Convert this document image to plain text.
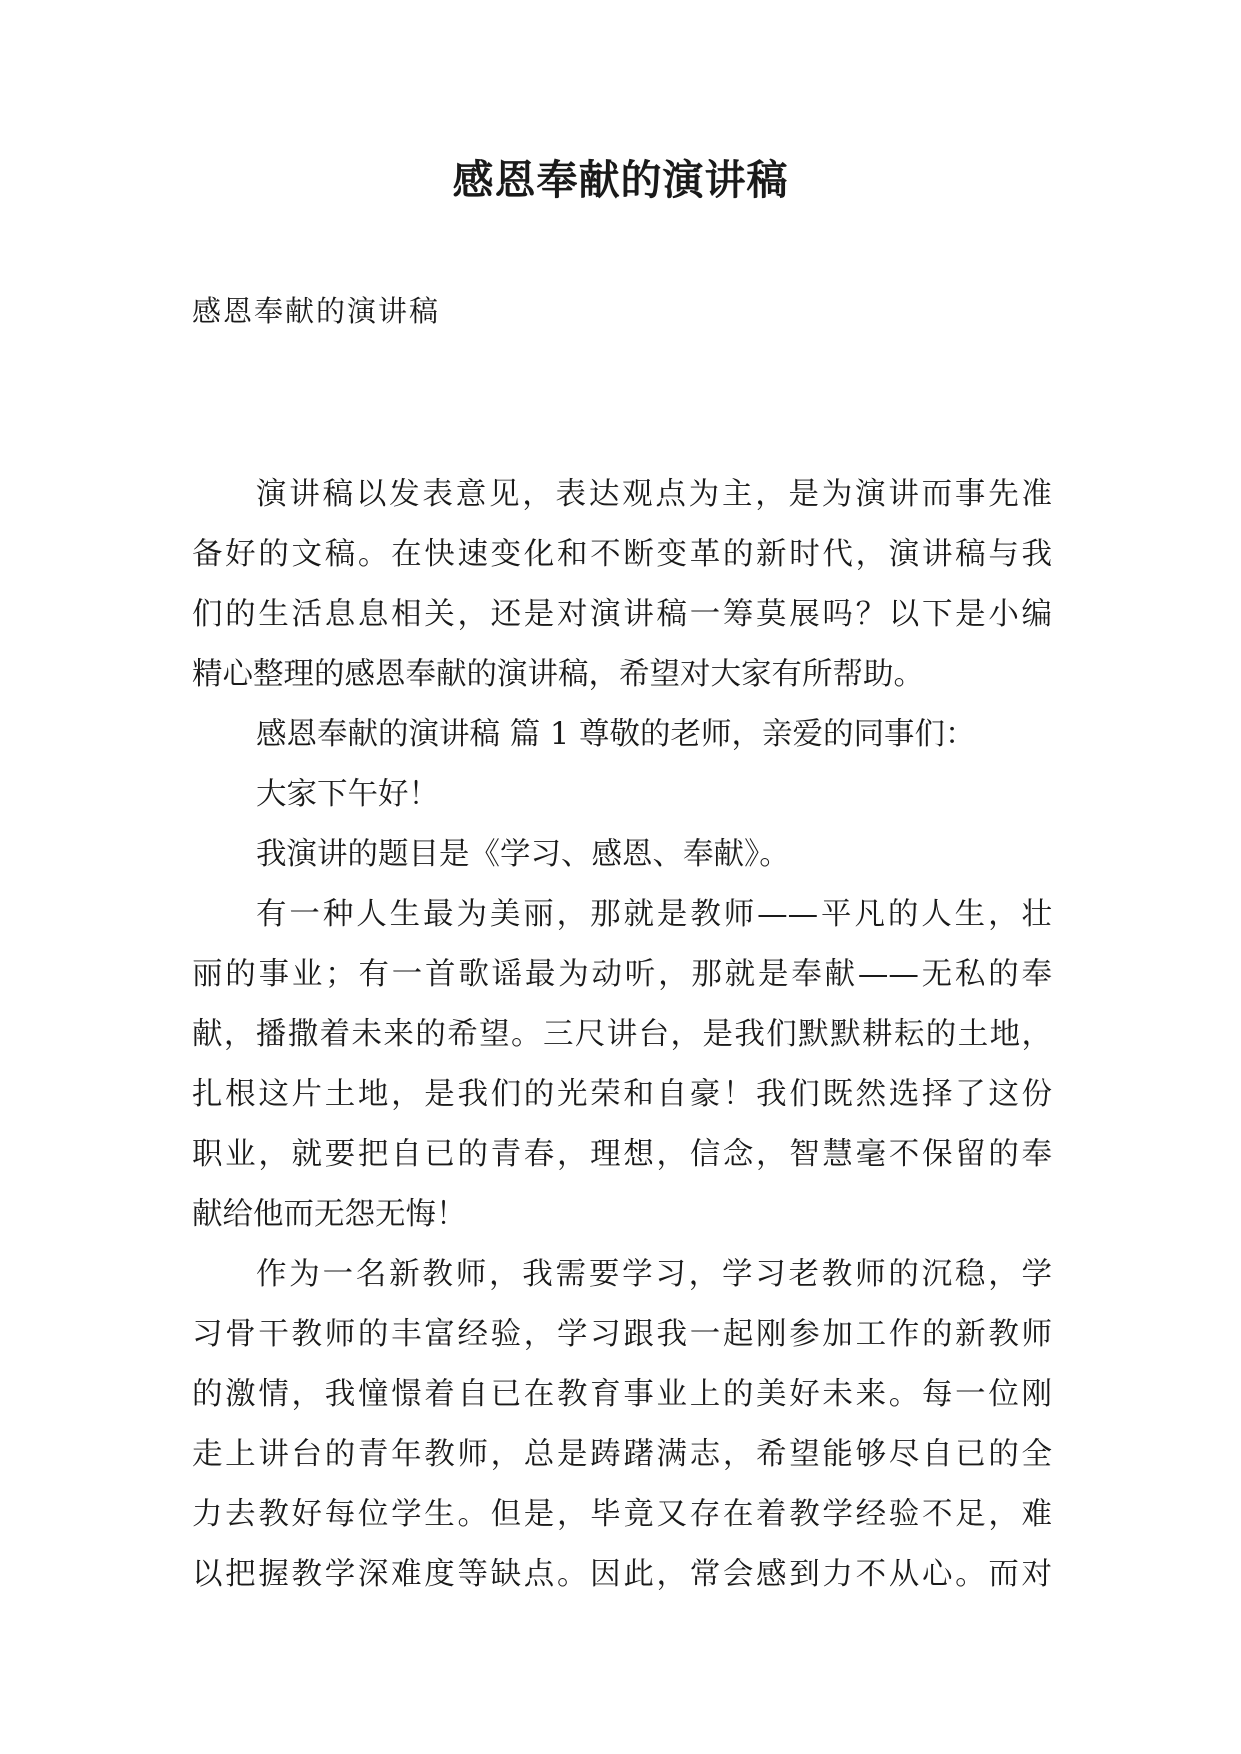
感恩奉献的演讲稿
感恩奉献的演讲稿
演讲稿以发表意见，表达观点为主，是为演讲而事先准
备好的文稿。在快速变化和不断变革的新时代，演讲稿与我
们的生活息息相关，还是对演讲稿一筹莫展吗？以下是小编
精心整理的感恩奉献的演讲稿，希望对大家有所帮助。
感恩奉献的演讲稿 篇 1 尊敬的老师，亲爱的同事们：
大家下午好！
我演讲的题目是《学习、感恩、奉献》。
有一种人生最为美丽，那就是教师——平凡的人生，壮
丽的事业；有一首歌谣最为动听，那就是奉献——无私的奉
献，播撒着未来的希望。三尺讲台，是我们默默耕耘的土地，
扎根这片土地，是我们的光荣和自豪！我们既然选择了这份
职业，就要把自已的青春，理想，信念，智慧毫不保留的奉
献给他而无怨无悔！
作为一名新教师，我需要学习，学习老教师的沉稳，学
习骨干教师的丰富经验，学习跟我一起刚参加工作的新教师
的激情，我憧憬着自已在教育事业上的美好未来。每一位刚
走上讲台的青年教师，总是踌躇满志，希望能够尽自已的全
力去教好每位学生。但是，毕竟又存在着教学经验不足，难
以把握教学深难度等缺点。因此，常会感到力不从心。而对
